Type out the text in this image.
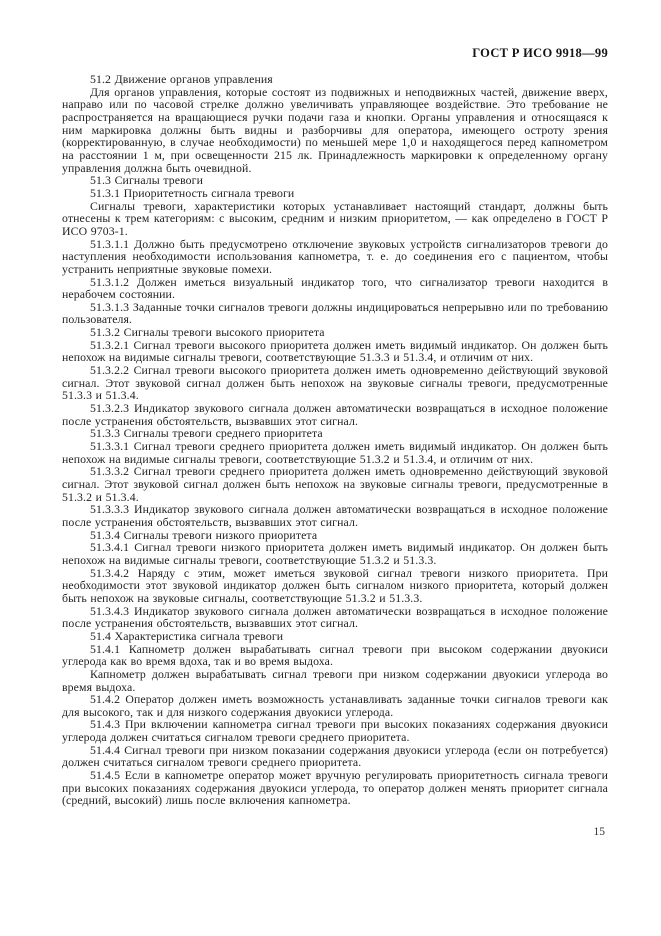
ГОСТ Р ИСО 9918—99

51.2 Движение органов управления

Для органов управления, которые состоят из подвижных и неподвижных частей, движение вверх, направо или по часовой стрелке должно увеличивать управляющее воздействие. Это требование не распространяется на вращающиеся ручки подачи газа и кнопки. Органы управления и относящаяся к ним маркировка должны быть видны и разборчивы для оператора, имеющего остроту зрения (корректированную, в случае необходимости) по меньшей мере 1,0 и находящегося перед капнометром на расстоянии 1 м, при освещенности 215 лк. Принадлежность маркировки к определенному органу управления должна быть очевидной.

51.3 Сигналы тревоги

51.3.1 Приоритетность сигнала тревоги

Сигналы тревоги, характеристики которых устанавливает настоящий стандарт, должны быть отнесены к трем категориям: с высоким, средним и низким приоритетом, — как определено в ГОСТ Р ИСО 9703-1.

51.3.1.1 Должно быть предусмотрено отключение звуковых устройств сигнализаторов тревоги до наступления необходимости использования капнометра, т. е. до соединения его с пациентом, чтобы устранить неприятные звуковые помехи.

51.3.1.2 Должен иметься визуальный индикатор того, что сигнализатор тревоги находится в нерабочем состоянии.

51.3.1.3 Заданные точки сигналов тревоги должны индицироваться непрерывно или по требованию пользователя.

51.3.2 Сигналы тревоги высокого приоритета

51.3.2.1 Сигнал тревоги высокого приоритета должен иметь видимый индикатор. Он должен быть непохож на видимые сигналы тревоги, соответствующие 51.3.3 и 51.3.4, и отличим от них.

51.3.2.2 Сигнал тревоги высокого приоритета должен иметь одновременно действующий звуковой сигнал. Этот звуковой сигнал должен быть непохож на звуковые сигналы тревоги, предусмотренные 51.3.3 и 51.3.4.

51.3.2.3 Индикатор звукового сигнала должен автоматически возвращаться в исходное положение после устранения обстоятельств, вызвавших этот сигнал.

51.3.3 Сигналы тревоги среднего приоритета

51.3.3.1 Сигнал тревоги среднего приоритета должен иметь видимый индикатор. Он должен быть непохож на видимые сигналы тревоги, соответствующие 51.3.2 и 51.3.4, и отличим от них.

51.3.3.2 Сигнал тревоги среднего приоритета должен иметь одновременно действующий звуковой сигнал. Этот звуковой сигнал должен быть непохож на звуковые сигналы тревоги, предусмотренные в 51.3.2 и 51.3.4.

51.3.3.3 Индикатор звукового сигнала должен автоматически возвращаться в исходное положение после устранения обстоятельств, вызвавших этот сигнал.

51.3.4 Сигналы тревоги низкого приоритета

51.3.4.1 Сигнал тревоги низкого приоритета должен иметь видимый индикатор. Он должен быть непохож на видимые сигналы тревоги, соответствующие 51.3.2 и 51.3.3.

51.3.4.2 Наряду с этим, может иметься звуковой сигнал тревоги низкого приоритета. При необходимости этот звуковой индикатор должен быть сигналом низкого приоритета, который должен быть непохож на звуковые сигналы, соответствующие 51.3.2 и 51.3.3.

51.3.4.3 Индикатор звукового сигнала должен автоматически возвращаться в исходное положение после устранения обстоятельств, вызвавших этот сигнал.

51.4 Характеристика сигнала тревоги

51.4.1 Капнометр должен вырабатывать сигнал тревоги при высоком содержании двуокиси углерода как во время вдоха, так и во время выдоха.

Капнометр должен вырабатывать сигнал тревоги при низком содержании двуокиси углерода во время выдоха.

51.4.2 Оператор должен иметь возможность устанавливать заданные точки сигналов тревоги как для высокого, так и для низкого содержания двуокиси углерода.

51.4.3 При включении капнометра сигнал тревоги при высоких показаниях содержания двуокиси углерода должен считаться сигналом тревоги среднего приоритета.

51.4.4 Сигнал тревоги при низком показании содержания двуокиси углерода (если он потребуется) должен считаться сигналом тревоги среднего приоритета.

51.4.5 Если в капнометре оператор может вручную регулировать приоритетность сигнала тревоги при высоких показаниях содержания двуокиси углерода, то оператор должен менять приоритет сигнала (средний, высокий) лишь после включения капнометра.

15
